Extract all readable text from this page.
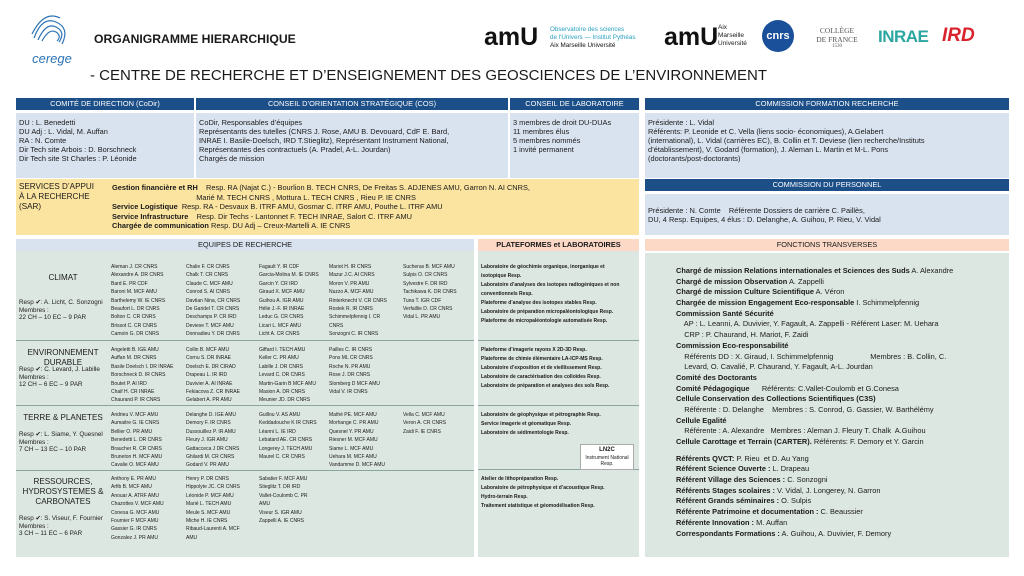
cerege
ORGANIGRAMME HIERARCHIQUE
- CENTRE DE RECHERCHE ET D’ENSEIGNEMENT DES GEOSCIENCES DE L’ENVIRONNEMENT
amU Observatoire des sciences
de l'Univers — Institut Pythéas
Aix Marseille Université	amU Aix
Marseille
Université
cnrs	COLLÈGE
DE FRANCE
1530
INRAE IRD
COMITÉ DE DIRECTION (CoDir)
DU : L. Benedetti
DU Adj : L. Vidal, M. Auffan
RA : N. Comte
Dir Tech site Arbois : D. Borschneck
Dir Tech site St Charles : P. Léonide
CONSEIL D’ORIENTATION STRATÉGIQUE (COS)
CoDir, Responsables d’équipes
Représentants des tutelles (CNRS J. Rose, AMU B. Devouard, CdF E. Bard,
INRAE I. Basile-Doelsch, IRD T.Stieglitz), Représentant Instrument National,
Représentantes des contractuels (A. Pradel, A-L. Jourdan)
Chargés de mission
CONSEIL DE LABORATOIRE
3 membres de droit DU-DUAs
11 membres élus
5 membres nommés
1 invité permanent
COMMISSION FORMATION RECHERCHE
Présidente : L. Vidal
Référents: P. Leonide et C. Vella (liens socio- économiques), A.Gelabert
(international), L. Vidal (carrières EC), B. Collin et T. Deviese (lien recherche/Instituts
d’établissement), V. Godard (formation), J. Aleman L. Martin et M-L. Pons
(doctorants/post-doctorants)
SERVICES D’APPUI
À LA RECHERCHE
(SAR)
Gestion financière et RH    Resp. RA (Najat C.) - Bourlion B. TECH CNRS, De Freitas S. ADJENES AMU, Garron N. AI CNRS,
Marié M. TECH CNRS , Mottura L. TECH CNRS , Rieu P. IE CNRS
Service Logistique  Resp. RA - Desvaux B. ITRF AMU, Gosmar C. ITRF AMU, Pouthe L. ITRF AMU
Service Infrastructure    Resp. Dir Techs - Lantonnet F. TECH INRAE, Salort C. ITRF AMU
Chargée de communication Resp. DU Adj – Creux-Martelli A. IE CNRS
COMMISSION DU PERSONNEL
Présidente : N. Comte    Référente Dossiers de carrière C. Paillès,
DU, 4 Resp. Equipes, 4 élus : D. Delanghe, A. Guihou, P. Rieu, V. Vidal
EQUIPES DE RECHERCHE
CLIMAT
Resp ✔: A. Licht, C. Sonzogni
Membres :
22 CH – 10 EC – 9 PAR
Aleman J. CR CNRS
Alexandre A. DR CNRS
Bard E. PR CDF
Baroni M. MCF AMU
Barthelemy W. IE CNRS
Beaufort L. DR CNRS
Bolton C. CR CNRS
Brissot C. CR CNRS
Camoin G. DR CNRS
Chalie F. CR CNRS
Chalk T. CR CNRS
Claude C. MCF AMU
Conrod S. AI CNRS
Davtian Nina, CR CNRS
De Garidel T. CR CNRS
Deschamps P. CR IRD
Deviese T. MCF AMU
Donnadieu Y. DR CNRS
Fagault Y. IR CDF
Garcia-Molina M. IE CNRS
Garcin Y. CR IRD
Giraud X. MCF AMU
Guihou A. IGR AMU
Hélie J.-F. IR INRAE
Leduc G. CR CNRS
Licari L. MCF AMU
Licht A. CR CNRS
Mariot H. IR CNRS
Mazur J.C. AI CNRS
Moron V. PR AMU
Nuzzo A. MCF AMU
Rinterknecht V. CR CNRS
Rostek R. IR CNRS
Schimmelpfennig I. CR
CNRS
Sonzogni C. IR CNRS
Sucheras B. MCF AMU
Sulpis O. CR CNRS
Sylvestre F. DR IRD
Tachikawa K. DR CNRS
Tuna T. IGR CDF
Verfaillie D. CR CNRS
Vidal L. PR AMU
ENVIRONNEMENT
DURABLE
Resp ✔: C. Levard, J. Labille
Membres :
12 CH – 6 EC – 9 PAR
Angeletti B. IGE AMU
Auffan M. DR CNRS
Basile Doelsch I. DR INRAE
Borschneck D. IR CNRS
Boutet P. AI IRD
Chaif H. CR INRAE
Chaurand P. IR CNRS
Collin B. MCF AMU
Cornu S. DR INRAE
Doelsch E. DR CIRAD
Drapeau L. IR IRD
Duvivier A. AI INRAE
Fekiacova Z. CR INRAE
Gelabert A. PR AMU
Giffard I. TECH AMU
Keller C. PR AMU
Labille J. DR CNRS
Levard C. DR CNRS
Martin-Garin B MCF AMU
Masion A. DR CNRS
Meunier JD. DR CNRS
Pailles C. IR CNRS
Pons ML CR CNRS
Roche N. PR AMU
Rose J. DR CNRS
Slomberg D MCF AMU
Vidal V. IR CNRS
TERRE & PLANETES
Resp ✔: L. Siame, Y. Quesnel
Membres :
7 CH – 13 EC – 10 PAR
Andrieu V. MCF AMU
Aumaitre G. IE CNRS
Bellier O. PR AMU
Benedetti L. DR CNRS
Braucher R. CR CNRS
Bruneton H. MCF AMU
Cavalie O. MCF AMU
Delanghe D. IGE AMU
Demory F. IR CNRS
Dussouillez P. IR AMU
Fleury J. IGR AMU
Gattacceca J DR CNRS
Ghilardi M. CR CNRS
Godard V. PR AMU
Guillou V. AS AMU
Keddadouche K IR CNRS
Léanni L. IE IRD
Lebatard AE. CR CNRS
Longerey J. TECH AMU
Maurel C. CR CNRS
Mathé PE. MCF AMU
Morhange C. PR AMU
Quesnel Y. PR AMU
Riesner M. MCF AMU
Siame L. MCF AMU
Uehara M. MCF AMU
Vandamme D. MCF AMU
Vella C. MCF AMU
Veron A. CR CNRS
Zaidi F. IE CNRS
RESSOURCES,
HYDROSYSTEMES &
CARBONATES
Resp ✔: S. Viseur, F. Fournier
Membres :
3 CH – 11 EC – 6 PAR
Anthony E. PR AMU
Arfib B. MCF AMU
Anouar A. ATRF AMU
Chazottes V. MCF AMU
Conesa G. MCF AMU
Fournier F MCF AMU
Gassier G. IR CNRS
Gonzalez J. PR AMU
Henry P. DR CNRS
Hippolyte JC. CR CNRS
Léonide P. MCF AMU
Marié L. TECH AMU
Meule S. MCF AMU
Miche H. IE CNRS
Ribaud-Laurenti A. MCF
AMU
Sabatier F. MCF AMU
Stieglitz T. DR IRD
Vallet-Coulomb C. PR
AMU
Viseur S. IGR AMU
Zappelli A. IE CNRS
PLATEFORMES et LABORATOIRES
Laboratoire de géochimie organique, inorganique et
isotopique Resp.
Laboratoire d’analyses des isotopes radiogéniques et non
conventionnels Resp.
Plateforme d’analyse des isotopes stables Resp.
Laboratoire de préparation micropaléontologique Resp.
Plateforme de micropaléontologie automatisée Resp.
Plateforme d’imagerie rayons X 2D-3D Resp.
Plateforme de chimie élémentaire LA-ICP-MS Resp.
Laboratoire d’exposition et de vieillissement Resp.
Laboratoire de caractérisation des colloïdes Resp.
Laboratoire de préparation et analyses des sols Resp.
Laboratoire de géophysique et pétrographie Resp.
Service imagerie et géomatique Resp.
Laboratoire de sédimentologie Resp.
Atelier de lithopréparation Resp.
Laboratoire de pétrophysique et d’acoustique Resp.
Hydro-terrain Resp.
Traitement statistique et géomodélisation Resp.
LN2C
Instrument National
Resp.
FONCTIONS TRANSVERSES
Chargé de mission Relations internationales et Sciences des Suds A. Alexandre
Chargé de mission Observation A. Zappelli
Chargé de mission Culture Scientifique A. Véron
Chargée de mission Engagement Eco-responsable I. Schimmelpfennig
Commission Santé Sécurité
AP : L. Leanni, A. Duvivier, Y. Fagault, A. Zappelli - Référent Laser: M. Uehara
CRP : P. Chaurand, H. Mariot, F. Zaidi
Commission Eco-responsabilité
Référents DD : X. Giraud, I. Schimmelpfennig                  Membres : B. Collin, C.
Levard, O. Cavalié, P. Chaurand, Y. Fagault, A-L. Jourdan
Comité des Doctorants
Comité Pédagogique      Référents: C.Vallet-Coulomb et G.Conesa
Cellule Conservation des Collections Scientifiques (C3S)
Référente : D. Delanghe    Membres : S. Conrod, G. Gassier, W. Barthélémy
Cellule Egalité
Référente : A. Alexandre   Membres : Aleman J. Fleury T. Chalk  A.Guihou
Cellule Carottage et Terrain (CARTER). Référents: F. Demory et Y. Garcin
Référents QVCT: P. Rieu  et D. Au Yang
Référent Science Ouverte : L. Drapeau
Référent Village des Sciences : C. Sonzogni
Référents Stages scolaires : V. Vidal, J. Longerey, N. Garron
Référent Grands séminaires : O. Sulpis
Référente Patrimoine et documentation : C. Beaussier
Référente Innovation : M. Auffan
Correspondants Formations : A. Guihou, A. Duvivier, F. Demory
